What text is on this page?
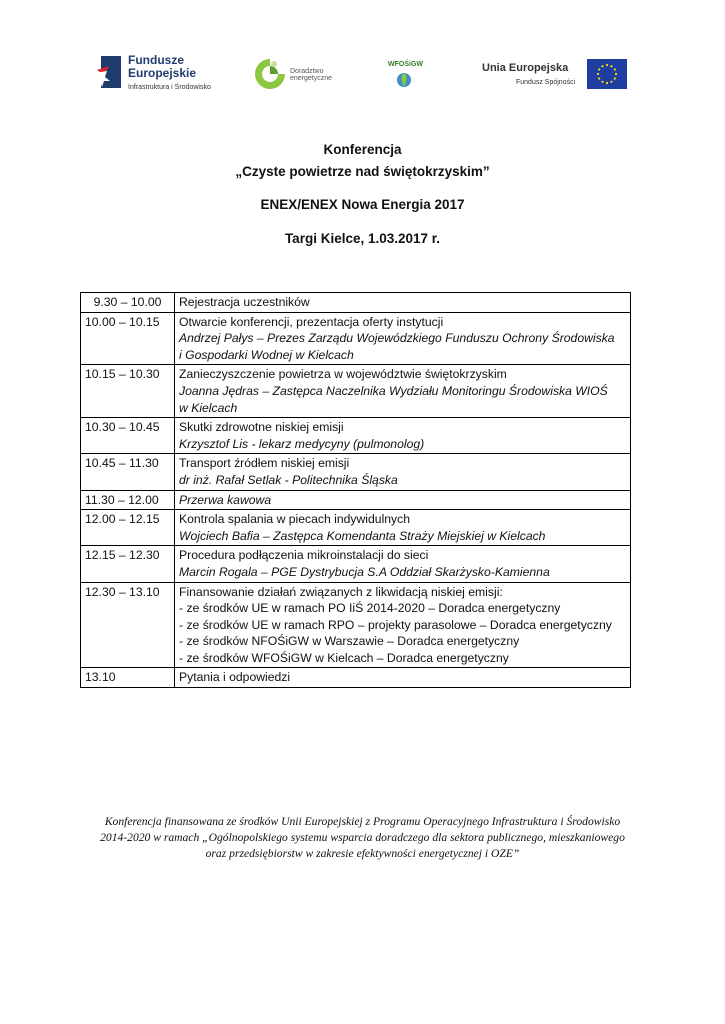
Fundusze
Europejskie
Infrastruktura i Środowisko
Doradztwo
energetyczne
WFOŚiGW	Unia Europejska
Fundusz Spójności
Konferencja
„Czyste powietrze nad świętokrzyskim”
ENEX/ENEX Nowa Energia 2017
Targi Kielce, 1.03.2017 r.
9.30 – 10.00	Rejestracja uczestników

10.00 – 10.15	Otwarcie konferencji, prezentacja oferty instytucji
Andrzej Pałys – Prezes Zarządu Wojewódzkiego Funduszu Ochrony Środowiska
i Gospodarki Wodnej w Kielcach

10.15 – 10.30	Zanieczyszczenie powietrza w województwie świętokrzyskim
Joanna Jędras – Zastępca Naczelnika Wydziału Monitoringu Środowiska WIOŚ
w Kielcach

10.30 – 10.45	Skutki zdrowotne niskiej emisji
Krzysztof Lis - lekarz medycyny (pulmonolog)

10.45 – 11.30	Transport źródłem niskiej emisji
dr inż. Rafał Setlak - Politechnika Śląska

11.30 – 12.00	Przerwa kawowa

12.00 – 12.15	Kontrola spalania w piecach indywidulnych
Wojciech Bafia – Zastępca Komendanta Straży Miejskiej w Kielcach

12.15 – 12.30	Procedura podłączenia mikroinstalacji do sieci
Marcin Rogala – PGE Dystrybucja S.A Oddział Skarżysko-Kamienna

12.30 – 13.10	Finansowanie działań związanych z likwidacją niskiej emisji:
- ze środków UE w ramach PO IiŚ 2014-2020 – Doradca energetyczny
- ze środków UE w ramach RPO – projekty parasolowe – Doradca energetyczny
- ze środków NFOŚiGW w Warszawie – Doradca energetyczny
- ze środków WFOŚiGW w Kielcach – Doradca energetyczny

13.10	Pytania i odpowiedzi
Konferencja finansowana ze środków Unii Europejskiej z Programu Operacyjnego Infrastruktura i Środowisko
2014-2020 w ramach „Ogólnopolskiego systemu wsparcia doradczego dla sektora publicznego, mieszkaniowego
oraz przedsiębiorstw w zakresie efektywności energetycznej i OZE”
